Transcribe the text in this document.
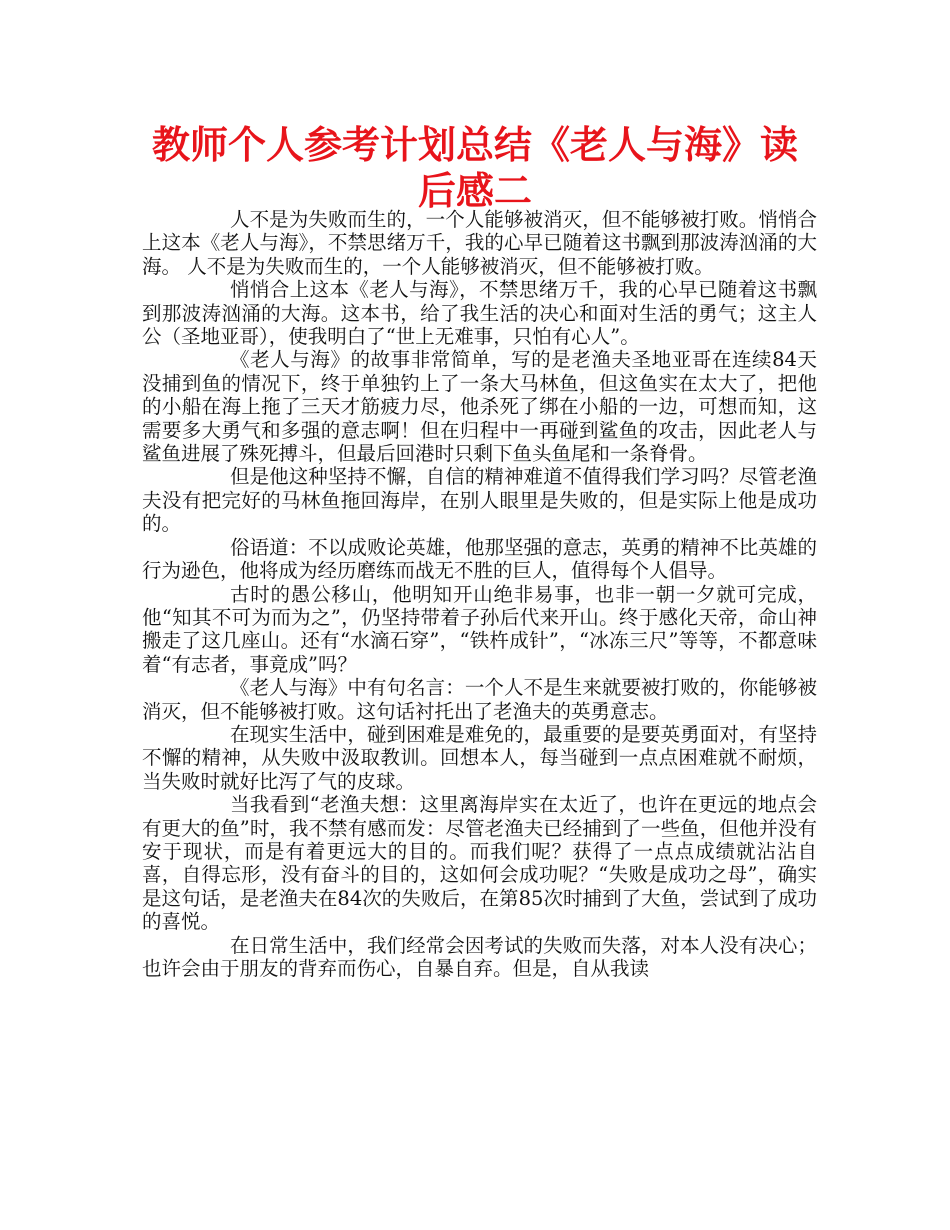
教师个人参考计划总结《老人与海》读后感二

人不是为失败而生的，一个人能够被消灭，但不能够被打败。悄悄合上这本《老人与海》，不禁思绪万千，我的心早已随着这书飘到那波涛汹涌的大海。 人不是为失败而生的，一个人能够被消灭，但不能够被打败。

悄悄合上这本《老人与海》，不禁思绪万千，我的心早已随着这书飘到那波涛汹涌的大海。这本书，给了我生活的决心和面对生活的勇气；这主人公（圣地亚哥），使我明白了“世上无难事，只怕有心人”。

《老人与海》的故事非常简单，写的是老渔夫圣地亚哥在连续84天没捕到鱼的情况下，终于单独钓上了一条大马林鱼，但这鱼实在太大了，把他的小船在海上拖了三天才筋疲力尽，他杀死了绑在小船的一边，可想而知，这需要多大勇气和多强的意志啊！但在归程中一再碰到鲨鱼的攻击，因此老人与鲨鱼进展了殊死搏斗，但最后回港时只剩下鱼头鱼尾和一条脊骨。

但是他这种坚持不懈，自信的精神难道不值得我们学习吗？尽管老渔夫没有把完好的马林鱼拖回海岸，在别人眼里是失败的，但是实际上他是成功的。

俗语道：不以成败论英雄，他那坚强的意志，英勇的精神不比英雄的行为逊色，他将成为经历磨练而战无不胜的巨人，值得每个人倡导。

古时的愚公移山，他明知开山绝非易事，也非一朝一夕就可完成，他“知其不可为而为之”，仍坚持带着子孙后代来开山。终于感化天帝，命山神搬走了这几座山。还有“水滴石穿”，“铁杵成针”，“冰冻三尺”等等，不都意味着“有志者，事竟成”吗？

《老人与海》中有句名言：一个人不是生来就要被打败的，你能够被消灭，但不能够被打败。这句话衬托出了老渔夫的英勇意志。

在现实生活中，碰到困难是难免的，最重要的是要英勇面对，有坚持不懈的精神，从失败中汲取教训。回想本人，每当碰到一点点困难就不耐烦，当失败时就好比泻了气的皮球。

当我看到“老渔夫想：这里离海岸实在太近了，也许在更远的地点会有更大的鱼”时，我不禁有感而发：尽管老渔夫已经捕到了一些鱼，但他并没有安于现状，而是有着更远大的目的。而我们呢？获得了一点点成绩就沾沾自喜，自得忘形，没有奋斗的目的，这如何会成功呢？“失败是成功之母”，确实是这句话，是老渔夫在84次的失败后，在第85次时捕到了大鱼，尝试到了成功的喜悦。

在日常生活中，我们经常会因考试的失败而失落，对本人没有决心；也许会由于朋友的背弃而伤心，自暴自弃。但是，自从我读
